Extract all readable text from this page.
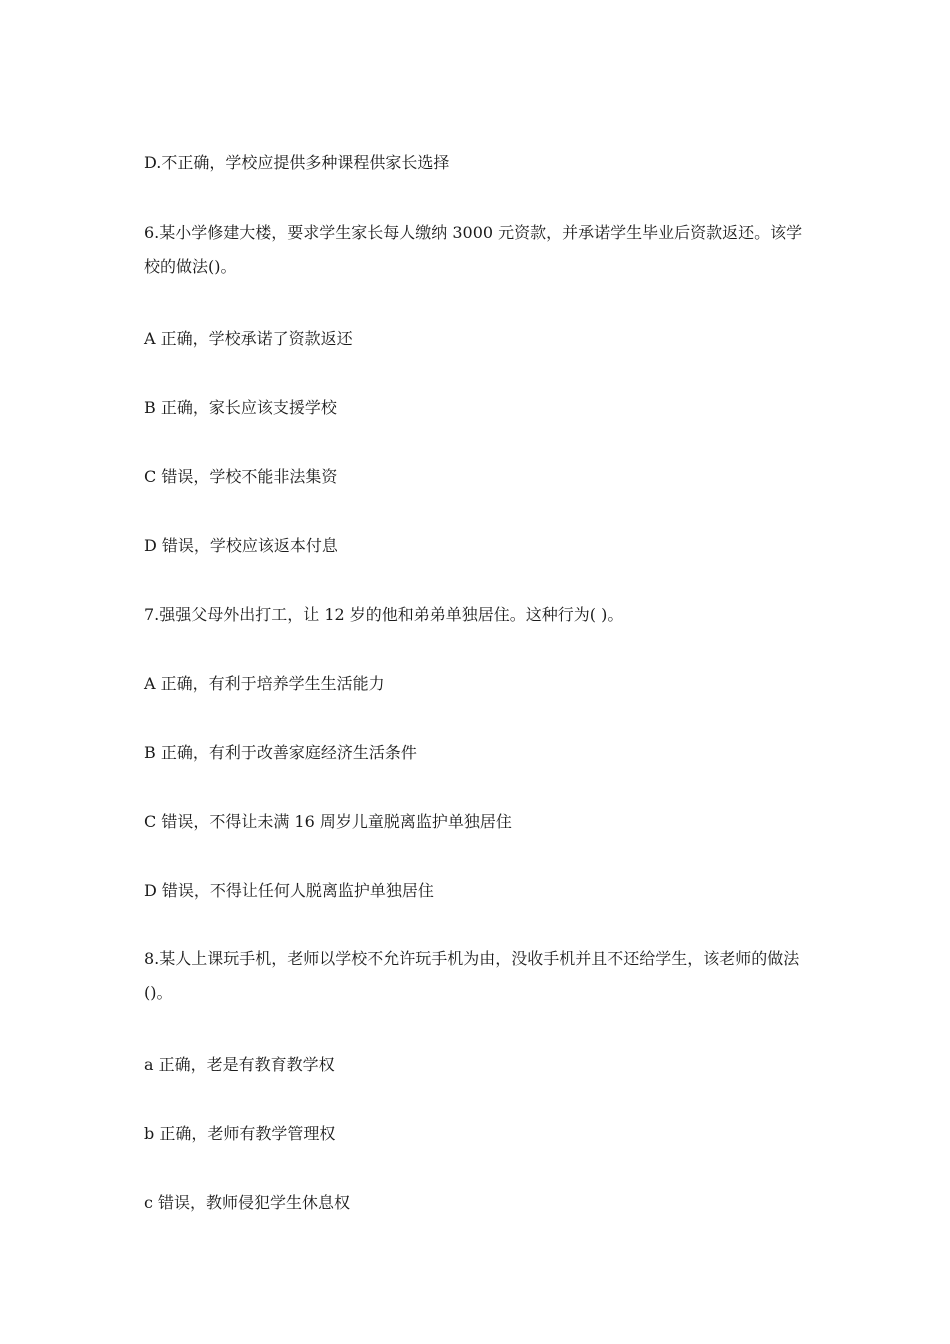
D.不正确，学校应提供多种课程供家长选择
6.某小学修建大楼，要求学生家长每人缴纳 3000 元资款，并承诺学生毕业后资款返还。该学校的做法()。
A 正确，学校承诺了资款返还
B 正确，家长应该支援学校
C 错误，学校不能非法集资
D 错误，学校应该返本付息
7.强强父母外出打工，让 12 岁的他和弟弟单独居住。这种行为( )。
A 正确，有利于培养学生生活能力
B 正确，有利于改善家庭经济生活条件
C 错误，不得让未满 16 周岁儿童脱离监护单独居住
D 错误，不得让任何人脱离监护单独居住
8.某人上课玩手机，老师以学校不允许玩手机为由，没收手机并且不还给学生，该老师的做法()。
a 正确，老是有教育教学权
b 正确，老师有教学管理权
c 错误，教师侵犯学生休息权
